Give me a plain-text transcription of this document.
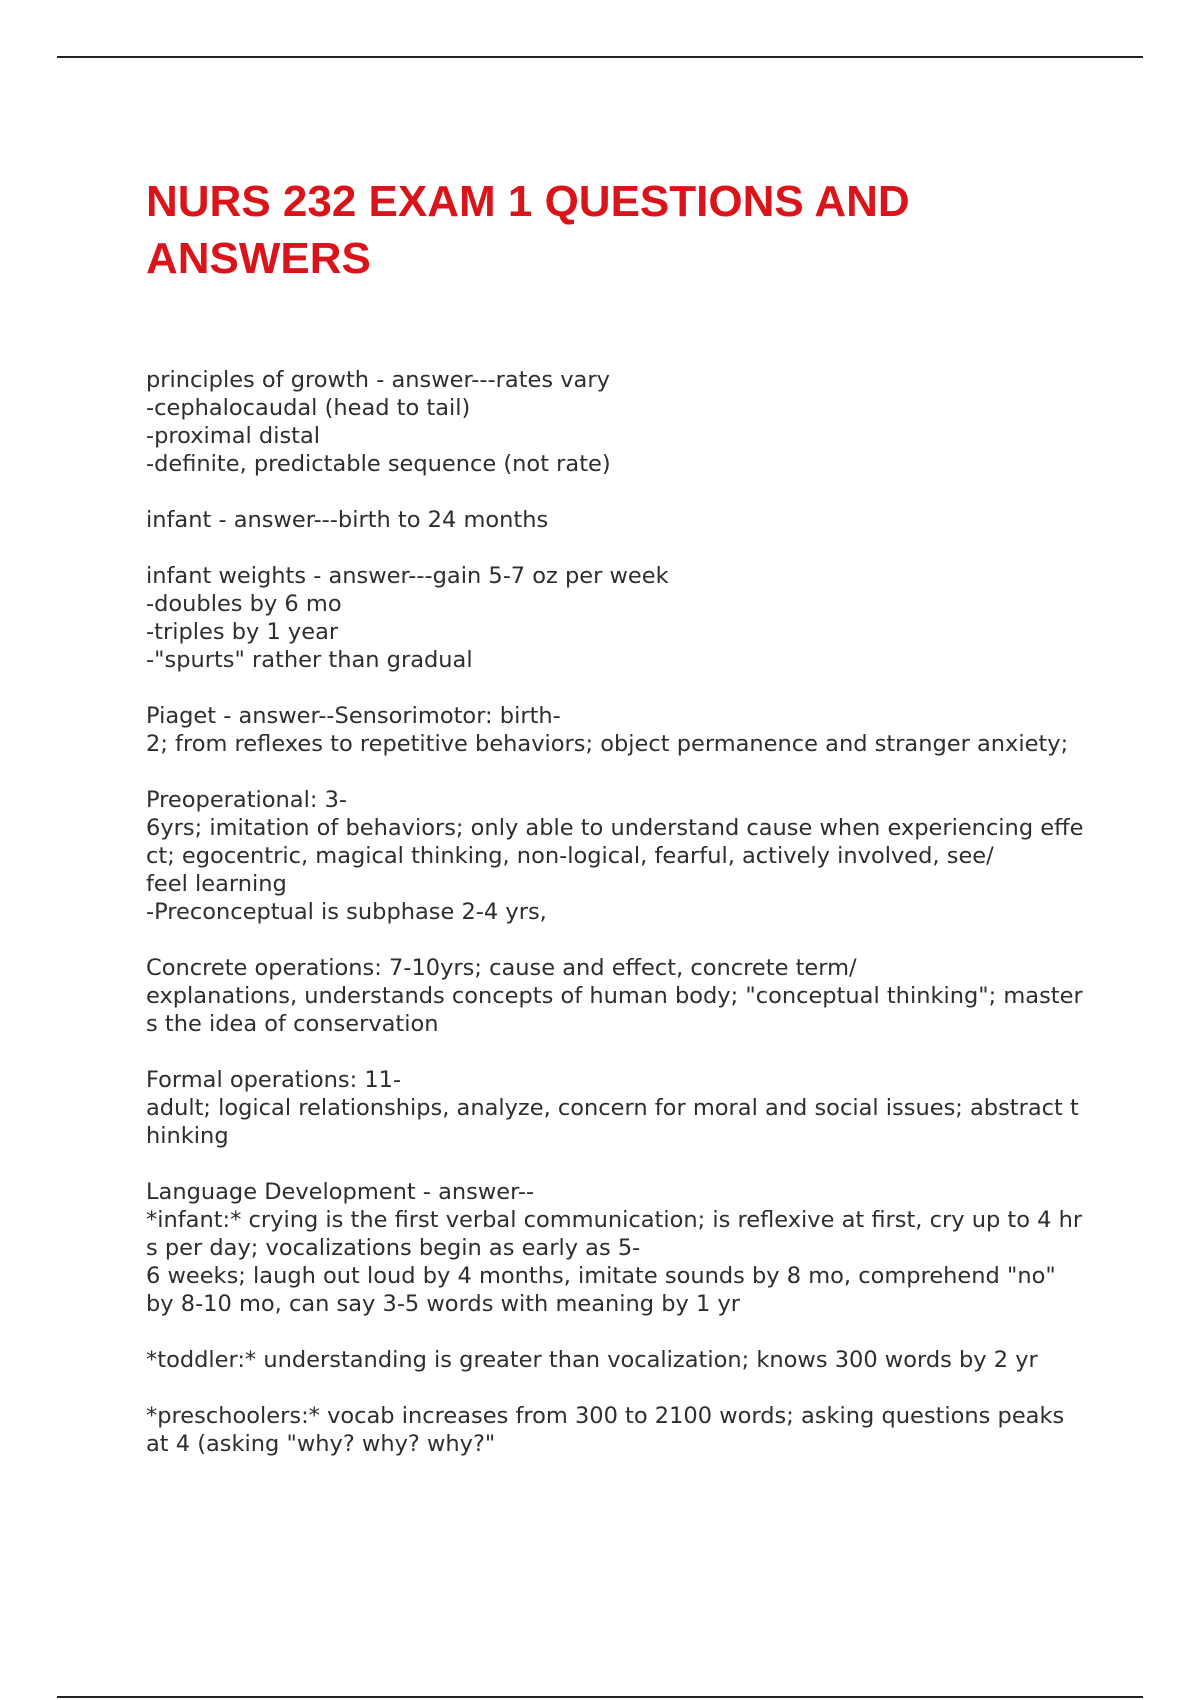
NURS 232 EXAM 1 QUESTIONS AND
ANSWERS
principles of growth - answer---rates vary
-cephalocaudal (head to tail)
-proximal distal
-definite, predictable sequence (not rate)
infant - answer---birth to 24 months
infant weights - answer---gain 5-7 oz per week
-doubles by 6 mo
-triples by 1 year
-"spurts" rather than gradual
Piaget - answer--Sensorimotor: birth-
2; from reflexes to repetitive behaviors; object permanence and stranger anxiety;
Preoperational: 3-
6yrs; imitation of behaviors; only able to understand cause when experiencing effe
ct; egocentric, magical thinking, non-logical, fearful, actively involved, see/
feel learning
-Preconceptual is subphase 2-4 yrs,
Concrete operations: 7-10yrs; cause and effect, concrete term/
explanations, understands concepts of human body; "conceptual thinking"; master
s the idea of conservation
Formal operations: 11-
adult; logical relationships, analyze, concern for moral and social issues; abstract t
hinking
Language Development - answer--
*infant:* crying is the first verbal communication; is reflexive at first, cry up to 4 hr
s per day; vocalizations begin as early as 5-
6 weeks; laugh out loud by 4 months, imitate sounds by 8 mo, comprehend "no"
by 8-10 mo, can say 3-5 words with meaning by 1 yr
*toddler:* understanding is greater than vocalization; knows 300 words by 2 yr
*preschoolers:* vocab increases from 300 to 2100 words; asking questions peaks
at 4 (asking "why? why? why?"
